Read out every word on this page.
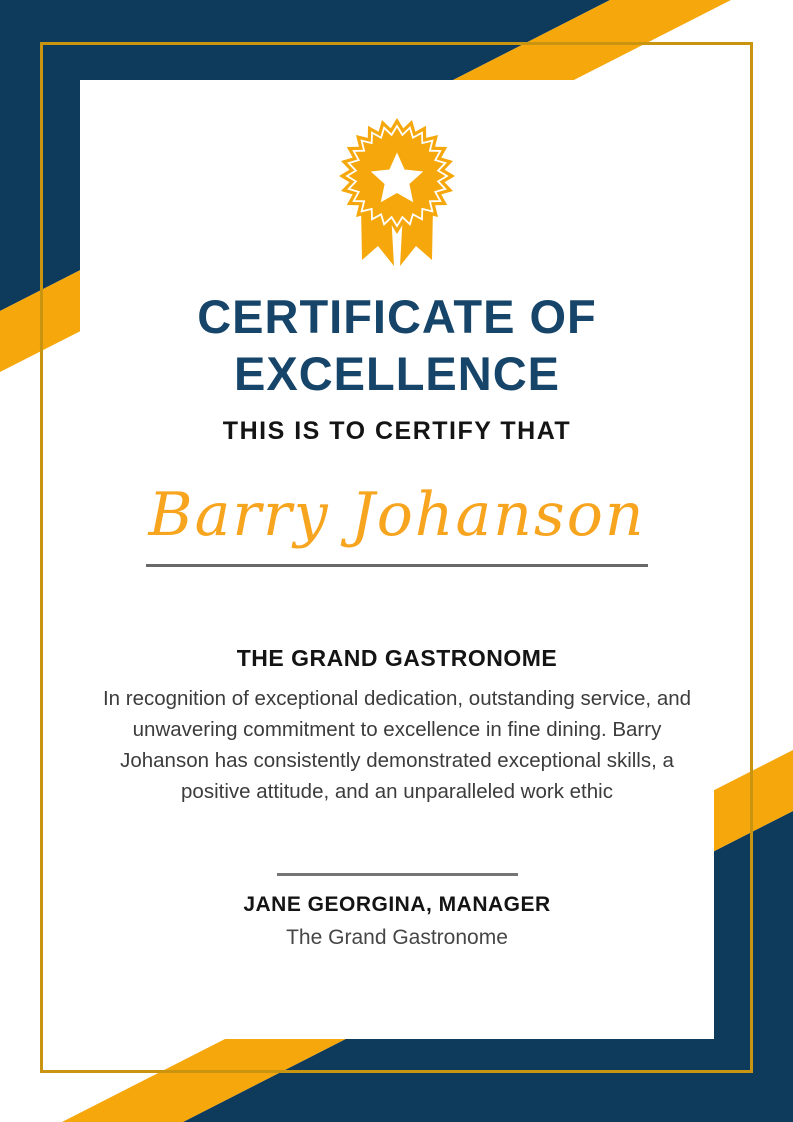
CERTIFICATE OF EXCELLENCE
THIS IS TO CERTIFY THAT
Barry Johanson
THE GRAND GASTRONOME

In recognition of exceptional dedication, outstanding service, and unwavering commitment to excellence in fine dining. Barry Johanson has consistently demonstrated exceptional skills, a positive attitude, and an unparalleled work ethic

JANE GEORGINA, MANAGER
The Grand Gastronome
